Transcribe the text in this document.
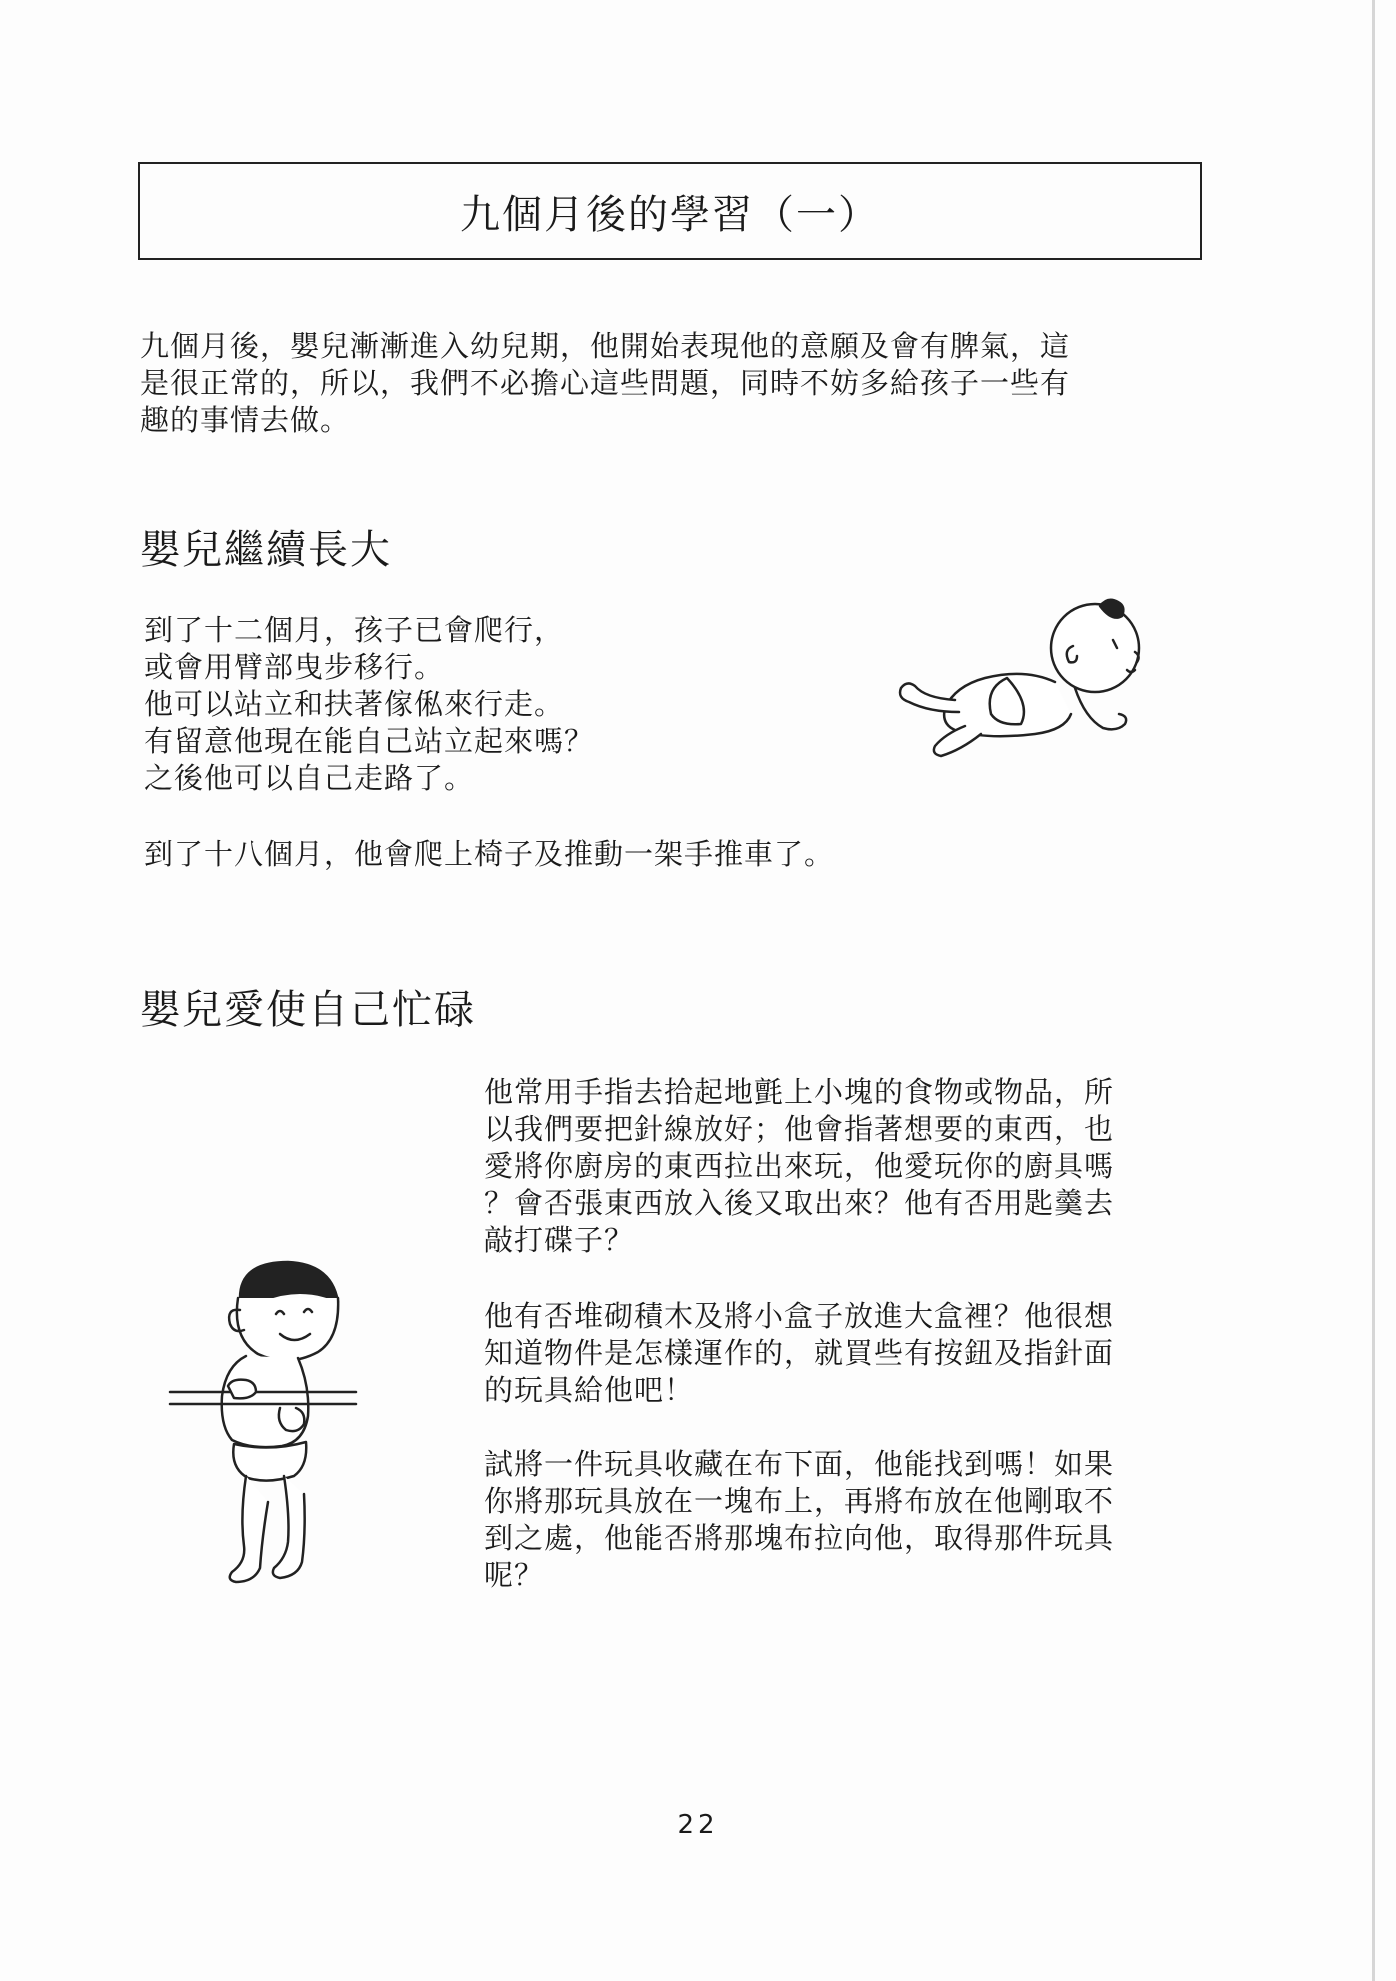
九個月後的學習（一）

九個月後，嬰兒漸漸進入幼兒期，他開始表現他的意願及會有脾氣，這
是很正常的，所以，我們不必擔心這些問題，同時不妨多給孩子一些有
趣的事情去做。

嬰兒繼續長大

到了十二個月，孩子已會爬行，
或會用臂部曳步移行。
他可以站立和扶著傢俬來行走。
有留意他現在能自己站立起來嗎？
之後他可以自己走路了。

到了十八個月，他會爬上椅子及推動一架手推車了。

嬰兒愛使自己忙碌

他常用手指去拾起地氈上小塊的食物或物品，所
以我們要把針線放好；他會指著想要的東西，也
愛將你廚房的東西拉出來玩，他愛玩你的廚具嗎
？會否張東西放入後又取出來？他有否用匙羹去
敲打碟子？

他有否堆砌積木及將小盒子放進大盒裡？他很想
知道物件是怎樣運作的，就買些有按鈕及指針面
的玩具給他吧！

試將一件玩具收藏在布下面，他能找到嗎！如果
你將那玩具放在一塊布上，再將布放在他剛取不
到之處，他能否將那塊布拉向他，取得那件玩具
呢？

22
